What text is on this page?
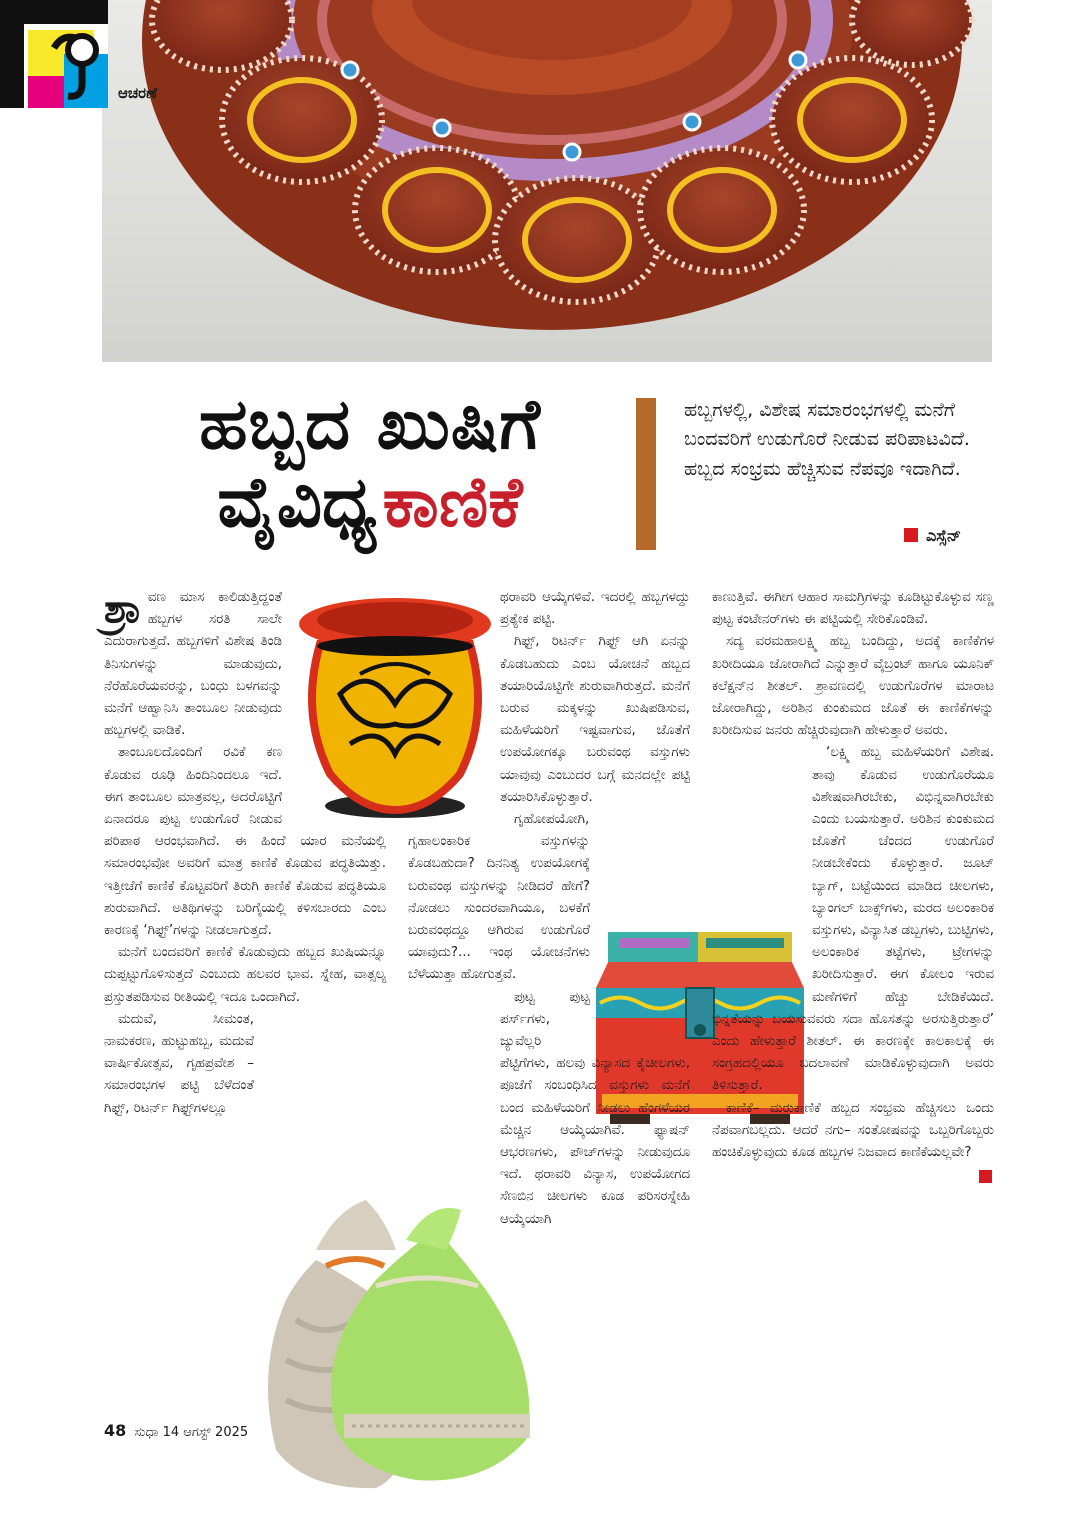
ಆಚರಣೆ
ಹಬ್ಬದ ಖುಷಿಗೆ
ವೈವಿಧ್ಯ ಕಾಣಿಕೆ
ಹಬ್ಬಗಳಲ್ಲಿ, ವಿಶೇಷ ಸಮಾರಂಭಗಳಲ್ಲಿ ಮನೆಗೆ ಬಂದವರಿಗೆ ಉಡುಗೊರೆ ನೀಡುವ ಪರಿಪಾಟವಿದೆ. ಹಬ್ಬದ ಸಂಭ್ರಮ ಹೆಚ್ಚಿಸುವ ನೆಪವೂ ಇದಾಗಿದೆ.
ಎಸ್ಸೆನ್

ಶ್ರಾ ವಣ ಮಾಸ ಕಾಲಿಡುತ್ತಿದ್ದಂತೆ ಹಬ್ಬಗಳ ಸರತಿ ಸಾಲೇ ಎದುರಾಗುತ್ತದೆ. ಹಬ್ಬಗಳಿಗೆ ವಿಶೇಷ ತಿಂಡಿ ತಿನಿಸುಗಳನ್ನು ಮಾಡುವುದು, ನೆರೆಹೊರೆಯವರನ್ನು, ಬಂಧು ಬಳಗವನ್ನು ಮನೆಗೆ ಆಹ್ವಾನಿಸಿ ತಾಂಬೂಲ ನೀಡುವುದು ಹಬ್ಬಗಳಲ್ಲಿ ವಾಡಿಕೆ.

ತಾಂಬೂಲದೊಂದಿಗೆ ರವಿಕೆ ಕಣ ಕೊಡುವ ರೂಢಿ ಹಿಂದಿನಿಂದಲೂ ಇದೆ. ಈಗ ತಾಂಬೂಲ ಮಾತ್ರವಲ್ಲ, ಅದರೊಟ್ಟಿಗೆ ಏನಾದರೂ ಪುಟ್ಟ ಉಡುಗೊರೆ ನೀಡುವ ಪರಿಪಾಠ ಆರಂಭವಾಗಿದೆ. ಈ ಹಿಂದೆ ಯಾರ ಮನೆಯಲ್ಲಿ ಸಮಾರಂಭವೋ ಅವರಿಗೆ ಮಾತ್ರ ಕಾಣಿಕೆ ಕೊಡುವ ಪದ್ಧತಿಯಿತ್ತು. ಇತ್ತೀಚೆಗೆ ಕಾಣಿಕೆ ಕೊಟ್ಟವರಿಗೆ ತಿರುಗಿ ಕಾಣಿಕೆ ಕೊಡುವ ಪದ್ಧತಿಯೂ ಶುರುವಾಗಿದೆ. ಅತಿಥಿಗಳನ್ನು ಬರಿಗೈಯಲ್ಲಿ ಕಳಿಸಬಾರದು ಎಂಬ ಕಾರಣಕ್ಕೆ ‘ಗಿಫ್ಟ್’ಗಳನ್ನು ನೀಡಲಾಗುತ್ತದೆ.

ಮನೆಗೆ ಬಂದವರಿಗೆ ಕಾಣಿಕೆ ಕೊಡುವುದು ಹಬ್ಬದ ಖುಷಿಯನ್ನೂ ದುಪ್ಪಟ್ಟುಗೊಳಿಸುತ್ತದೆ ಎಂಬುದು ಹಲವರ ಭಾವ. ಸ್ನೇಹ, ವಾತ್ಸಲ್ಯ ಪ್ರಸ್ತುತಪಡಿಸುವ ರೀತಿಯಲ್ಲಿ ಇದೂ ಒಂದಾಗಿದೆ.

ಮದುವೆ, ಸೀಮಂತ, ನಾಮಕರಣ, ಹುಟ್ಟುಹಬ್ಬ, ಮದುವೆ ವಾರ್ಷಿಕೋತ್ಸವ, ಗೃಹಪ್ರವೇಶ – ಸಮಾರಂಭಗಳ ಪಟ್ಟಿ ಬೆಳೆದಂತೆ ಗಿಫ್ಟ್, ರಿಟರ್ನ್ ಗಿಫ್ಟ್‌ಗಳಲ್ಲೂ

ಥರಾವರಿ ಆಯ್ಕೆಗಳಿವೆ. ಇದರಲ್ಲಿ ಹಬ್ಬಗಳದ್ದು ಪ್ರತ್ಯೇಕ ಪಟ್ಟಿ.

ಗಿಫ್ಟ್, ರಿಟರ್ನ್ ಗಿಫ್ಟ್ ಆಗಿ ಏನನ್ನು ಕೊಡಬಹುದು ಎಂಬ ಯೋಚನೆ ಹಬ್ಬದ ತಯಾರಿಯೊಟ್ಟಿಗೇ ಶುರುವಾಗಿರುತ್ತದೆ. ಮನೆಗೆ ಬರುವ ಮಕ್ಕಳನ್ನು ಖುಷಿಪಡಿಸುವ, ಮಹಿಳೆಯರಿಗೆ ಇಷ್ಟವಾಗುವ, ಜೊತೆಗೆ ಉಪಯೋಗಕ್ಕೂ ಬರುವಂಥ ವಸ್ತುಗಳು ಯಾವುವು ಎಂಬುದರ ಬಗ್ಗೆ ಮನದಲ್ಲೇ ಪಟ್ಟಿ ತಯಾರಿಸಿಕೊಳ್ಳುತ್ತಾರೆ.

ಗೃಹೋಪಯೋಗಿ, ಗೃಹಾಲಂಕಾರಿಕ ವಸ್ತುಗಳನ್ನು ಕೊಡಬಹುದಾ? ದಿನನಿತ್ಯ ಉಪಯೋಗಕ್ಕೆ ಬರುವಂಥ ವಸ್ತುಗಳನ್ನು ನೀಡಿದರೆ ಹೇಗೆ? ನೋಡಲು ಸುಂದರವಾಗಿಯೂ, ಬಳಕೆಗೆ ಬರುವಂಥದ್ದೂ ಆಗಿರುವ ಉಡುಗೊರೆ ಯಾವುದು?... ಇಂಥ ಯೋಚನೆಗಳು ಬೆಳೆಯುತ್ತಾ ಹೋಗುತ್ತವೆ.

ಪುಟ್ಟ ಪುಟ್ಟ ಪರ್ಸ್‌ಗಳು, ಜ್ಯುವೆಲ್ಲರಿ ಪೆಟ್ಟಿಗೆಗಳು, ಹಲವು ವಿನ್ಯಾಸದ ಕೈಚೀಲಗಳು, ಪೂಜೆಗೆ ಸಂಬಂಧಿಸಿದ ವಸ್ತುಗಳು ಮನೆಗೆ ಬಂದ ಮಹಿಳೆಯರಿಗೆ ನೀಡಲು ಹೆಂಗಳೆಯರ ಮೆಚ್ಚಿನ ಆಯ್ಕೆಯಾಗಿವೆ. ಫ್ಯಾಷನ್ ಆಭರಣಗಳು, ಪೌಚ್‌ಗಳನ್ನು ನೀಡುವುದೂ ಇದೆ. ಥರಾವರಿ ವಿನ್ಯಾಸ, ಉಪಯೋಗದ ಸೆಣಬಿನ ಚೀಲಗಳು ಕೂಡ ಪರಿಸರಸ್ನೇಹಿ ಆಯ್ಕೆಯಾಗಿ

ಕಾಣುತ್ತಿವೆ. ಈಗೀಗ ಆಹಾರ ಸಾಮಗ್ರಿಗಳನ್ನು ಕೂಡಿಟ್ಟುಕೊಳ್ಳುವ ಸಣ್ಣ ಪುಟ್ಟ ಕಂಟೇನರ್‌ಗಳು ಈ ಪಟ್ಟಿಯಲ್ಲಿ ಸೇರಿಕೊಂಡಿವೆ.

ಸದ್ಯ ವರಮಹಾಲಕ್ಷ್ಮಿ ಹಬ್ಬ ಬಂದಿದ್ದು, ಅದಕ್ಕೆ ಕಾಣಿಕೆಗಳ ಖರೀದಿಯೂ ಜೋರಾಗಿದೆ ಎನ್ನುತ್ತಾರೆ ವೈಬ್ರಂಟ್ ಹಾಗೂ ಯೂನಿಕ್ ಕಲೆಕ್ಷನ್‌ನ ಶೀತಲ್. ಶ್ರಾವಣದಲ್ಲಿ ಉಡುಗೊರೆಗಳ ಮಾರಾಟ ಜೋರಾಗಿದ್ದು, ಅರಿಶಿನ ಕುಂಕುಮದ ಜೊತೆ ಈ ಕಾಣಿಕೆಗಳನ್ನು ಖರೀದಿಸುವ ಜನರು ಹೆಚ್ಚಿರುವುದಾಗಿ ಹೇಳುತ್ತಾರೆ ಅವರು.

‘ಲಕ್ಷ್ಮಿ ಹಬ್ಬ ಮಹಿಳೆಯರಿಗೆ ವಿಶೇಷ. ತಾವು ಕೊಡುವ ಉಡುಗೊರೆಯೂ ವಿಶೇಷವಾಗಿರಬೇಕು, ವಿಭಿನ್ನವಾಗಿರಬೇಕು ಎಂದು ಬಯಸುತ್ತಾರೆ. ಅರಿಶಿನ ಕುಂಕುಮದ ಜೊತೆಗೆ ಚೆಂದದ ಉಡುಗೊರೆ ನೀಡಬೇಕೆಂದು ಕೊಳ್ಳುತ್ತಾರೆ. ಜೂಟ್ ಬ್ಯಾಗ್, ಬಟ್ಟೆಯಿಂದ ಮಾಡಿದ ಚೀಲಗಳು, ಬ್ಯಾಂಗಲ್ ಬಾಕ್ಸ್‌ಗಳು, ಮರದ ಅಲಂಕಾರಿಕ ವಸ್ತುಗಳು, ವಿನ್ಯಾಸಿತ ಡಬ್ಬಗಳು, ಬುಟ್ಟಿಗಳು, ಅಲಂಕಾರಿಕ ತಟ್ಟೆಗಳು, ಟ್ರೇಗಳನ್ನು ಖರೀದಿಸುತ್ತಾರೆ. ಈಗ ಕೋಲಂ ಇರುವ ಮಣೆಗಳಿಗೆ ಹೆಚ್ಚು ಬೇಡಿಕೆಯಿದೆ. ಭಿನ್ನತೆಯನ್ನು ಬಯಸುವವರು ಸದಾ ಹೊಸತನ್ನು ಅರಸುತ್ತಿರುತ್ತಾರೆ’ ಎಂದು ಹೇಳುತ್ತಾರೆ ಶೀತಲ್. ಈ ಕಾರಣಕ್ಕೇ ಕಾಲಕಾಲಕ್ಕೆ ಈ ಸಂಗ್ರಹದಲ್ಲಿಯೂ ಬದಲಾವಣೆ ಮಾಡಿಕೊಳ್ಳುವುದಾಗಿ ಅವರು ತಿಳಿಸುತ್ತಾರೆ.

ಕಾಣಿಕೆ– ಮರುಕಾಣಿಕೆ ಹಬ್ಬದ ಸಂಭ್ರಮ ಹೆಚ್ಚಿಸಲು ಒಂದು ನೆಪವಾಗಬಲ್ಲದು. ಆದರೆ ನಗು– ಸಂತೋಷವನ್ನು ಒಬ್ಬರಿಗೊಬ್ಬರು ಹಂಚಿಕೊಳ್ಳುವುದು ಕೂಡ ಹಬ್ಬಗಳ ನಿಜವಾದ ಕಾಣಿಕೆಯಲ್ಲವೇ?

48 ಸುಧಾ 14 ಆಗಸ್ಟ್ 2025
